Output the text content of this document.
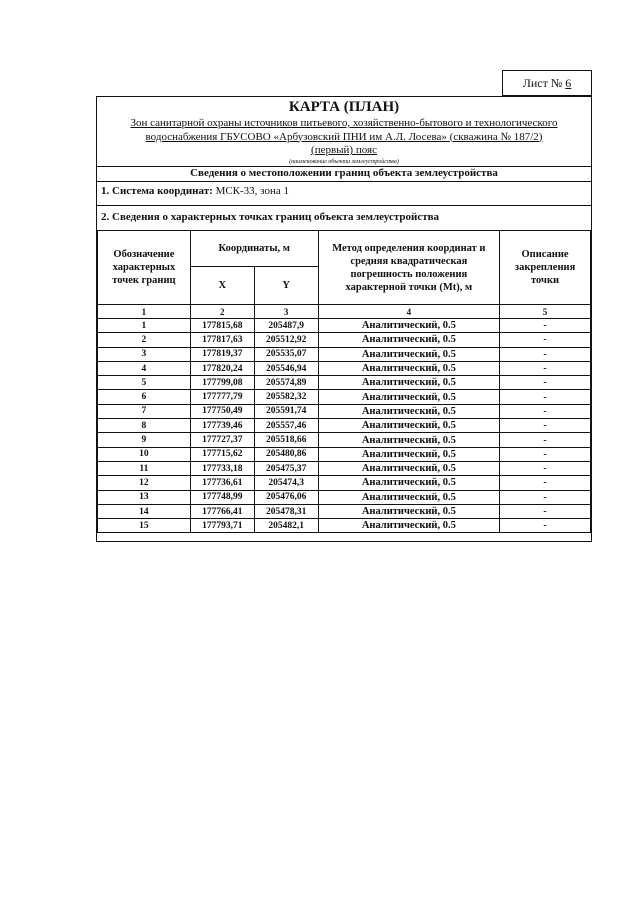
Лист № 6
КАРТА (ПЛАН)
Зон санитарной охраны источников питьевого, хозяйственно-бытового и технологического
водоснабжения ГБУСОВО «Арбузовский ПНИ им А.Л. Лосева» (скважина № 187/2)
(первый) пояс
(наименование объекта землеустройства)
Сведения о местоположении границ объекта землеустройства
1. Система координат: МСК-33, зона 1
2. Сведения о характерных точках границ объекта землеустройства
Обозначение характерных точек границ	Координаты, м		Метод определения координат и средняя квадратическая погрешность положения характерной точки (Mt), м	Описание закрепления точки
	X	Y		
1	2	3	4	5
1	177815,68	205487,9	Аналитический, 0.5	-
2	177817,63	205512,92	Аналитический, 0.5	-
3	177819,37	205535,07	Аналитический, 0.5	-
4	177820,24	205546,94	Аналитический, 0.5	-
5	177799,08	205574,89	Аналитический, 0.5	-
6	177777,79	205582,32	Аналитический, 0.5	-
7	177750,49	205591,74	Аналитический, 0.5	-
8	177739,46	205557,46	Аналитический, 0.5	-
9	177727,37	205518,66	Аналитический, 0.5	-
10	177715,62	205480,86	Аналитический, 0.5	-
11	177733,18	205475,37	Аналитический, 0.5	-
12	177736,61	205474,3	Аналитический, 0.5	-
13	177748,99	205476,06	Аналитический, 0.5	-
14	177766,41	205478,31	Аналитический, 0.5	-
15	177793,71	205482,1	Аналитический, 0.5	-
